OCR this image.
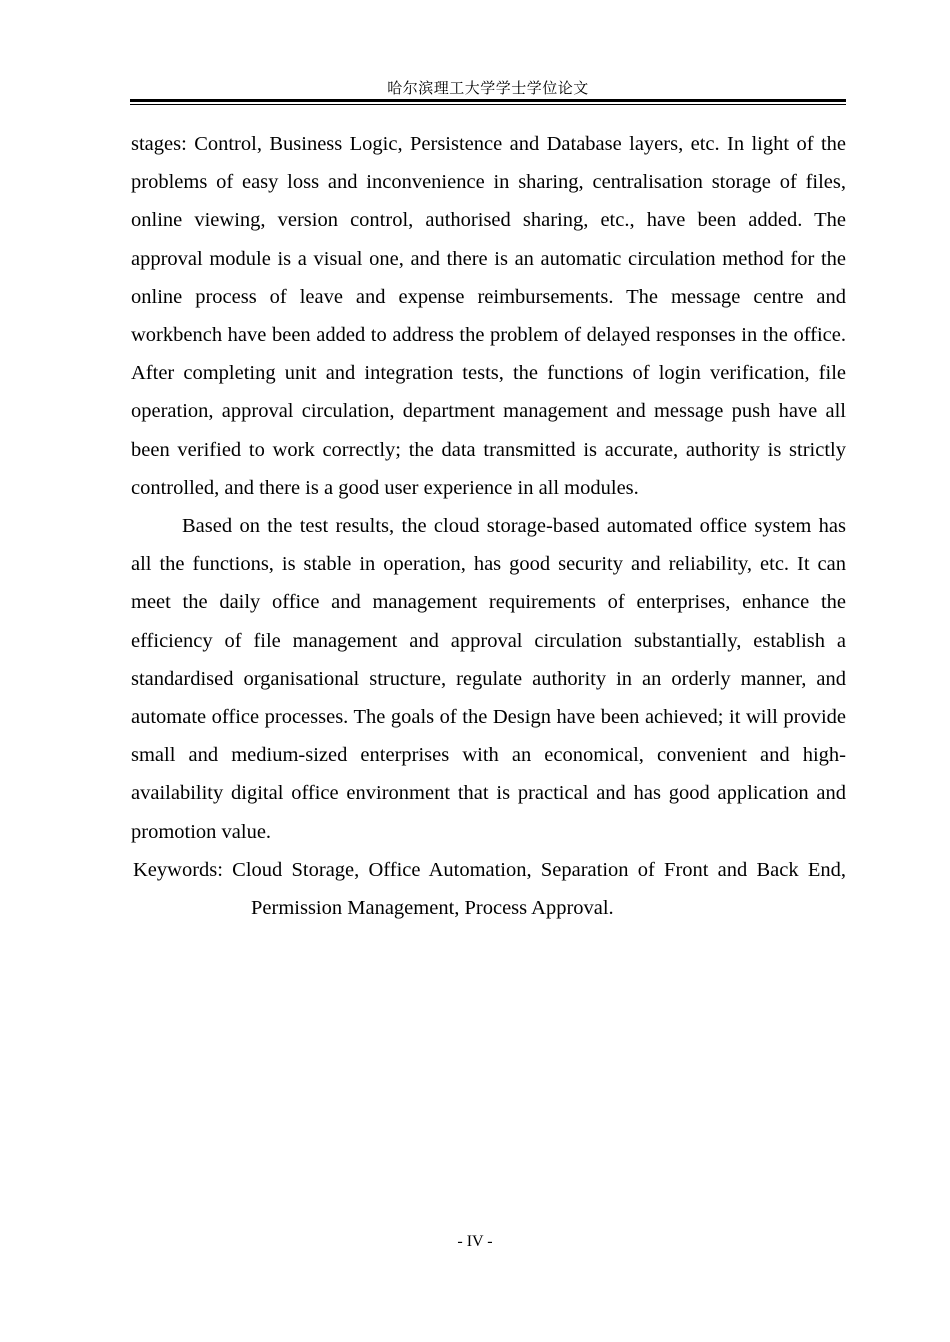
哈尔滨理工大学学士学位论文

stages: Control, Business Logic, Persistence and Database layers, etc. In light of the problems of easy loss and inconvenience in sharing, centralisation storage of files, online viewing, version control, authorised sharing, etc., have been added. The approval module is a visual one, and there is an automatic circulation method for the online process of leave and expense reimbursements. The message centre and workbench have been added to address the problem of delayed responses in the office. After completing unit and integration tests, the functions of login verification, file operation, approval circulation, department management and message push have all been verified to work correctly; the data transmitted is accurate, authority is strictly controlled, and there is a good user experience in all modules.

Based on the test results, the cloud storage-based automated office system has all the functions, is stable in operation, has good security and reliability, etc. It can meet the daily office and management requirements of enterprises, enhance the efficiency of file management and approval circulation substantially, establish a standardised organisational structure, regulate authority in an orderly manner, and automate office processes. The goals of the Design have been achieved; it will provide small and medium-sized enterprises with an economical, convenient and high-availability digital office environment that is practical and has good application and promotion value.

Keywords: Cloud Storage, Office Automation, Separation of Front and Back End, Permission Management, Process Approval.

- IV -
